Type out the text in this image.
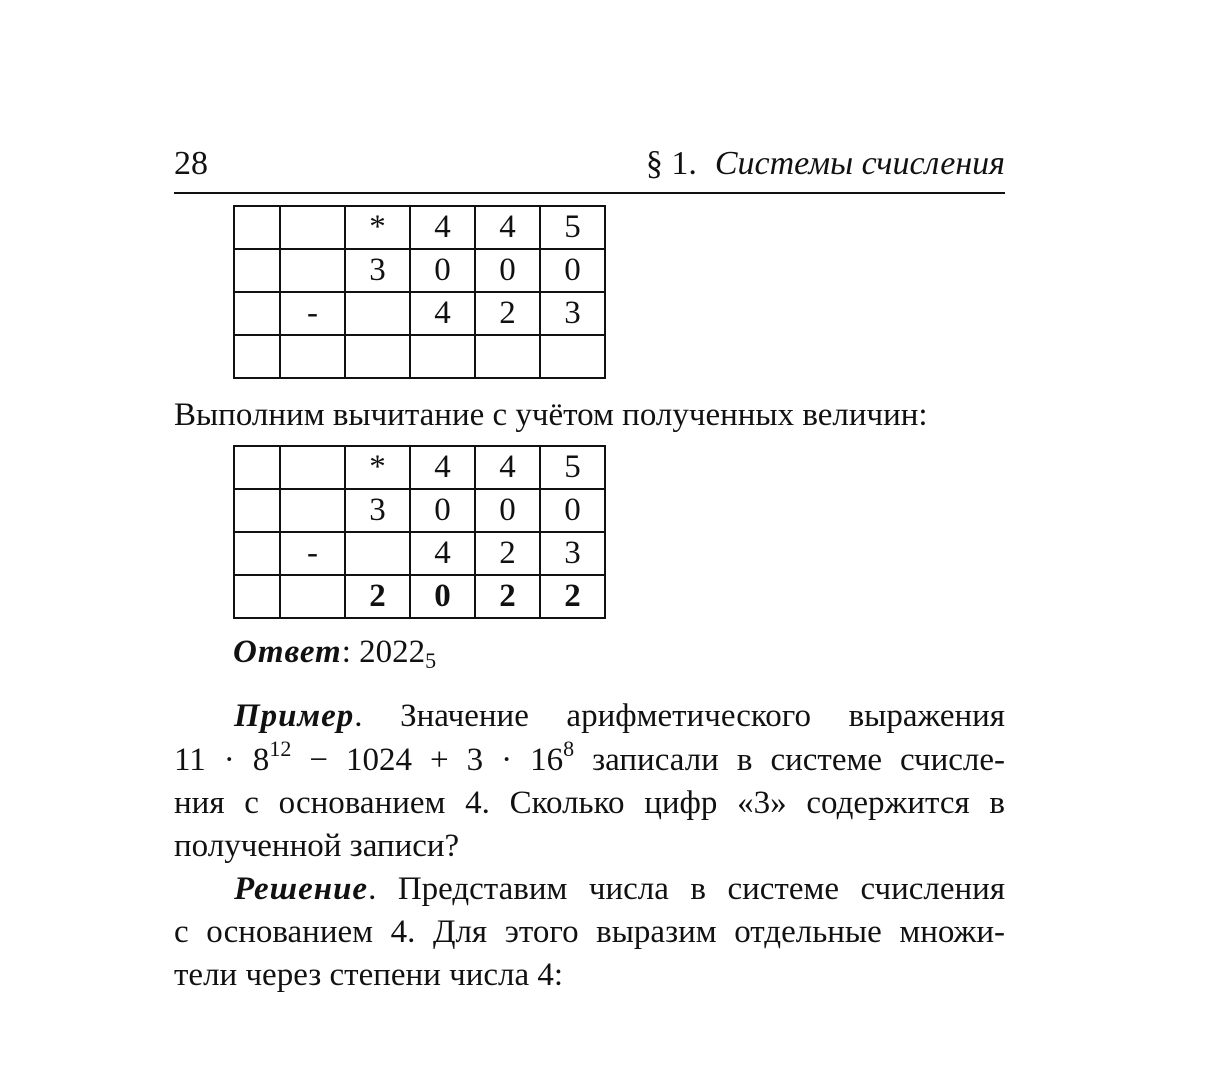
28	§ 1. Системы счисления
		*	4	4	5
		3	0	0	0
	-		4	2	3

Выполним вычитание с учётом полученных величин:
		*	4	4	5
		3	0	0	0
	-		4	2	3
		2	0	2	2
Ответ: $2022_5$
Пример. Значение арифметического выражения
$11 \cdot 8^{12} - 1024 + 3 \cdot 16^8$ записали в системе счисле-
ния с основанием 4. Сколько цифр «3» содержится в
полученной записи?
Решение. Представим числа в системе счисления
с основанием 4. Для этого выразим отдельные множи-
тели через степени числа 4:
